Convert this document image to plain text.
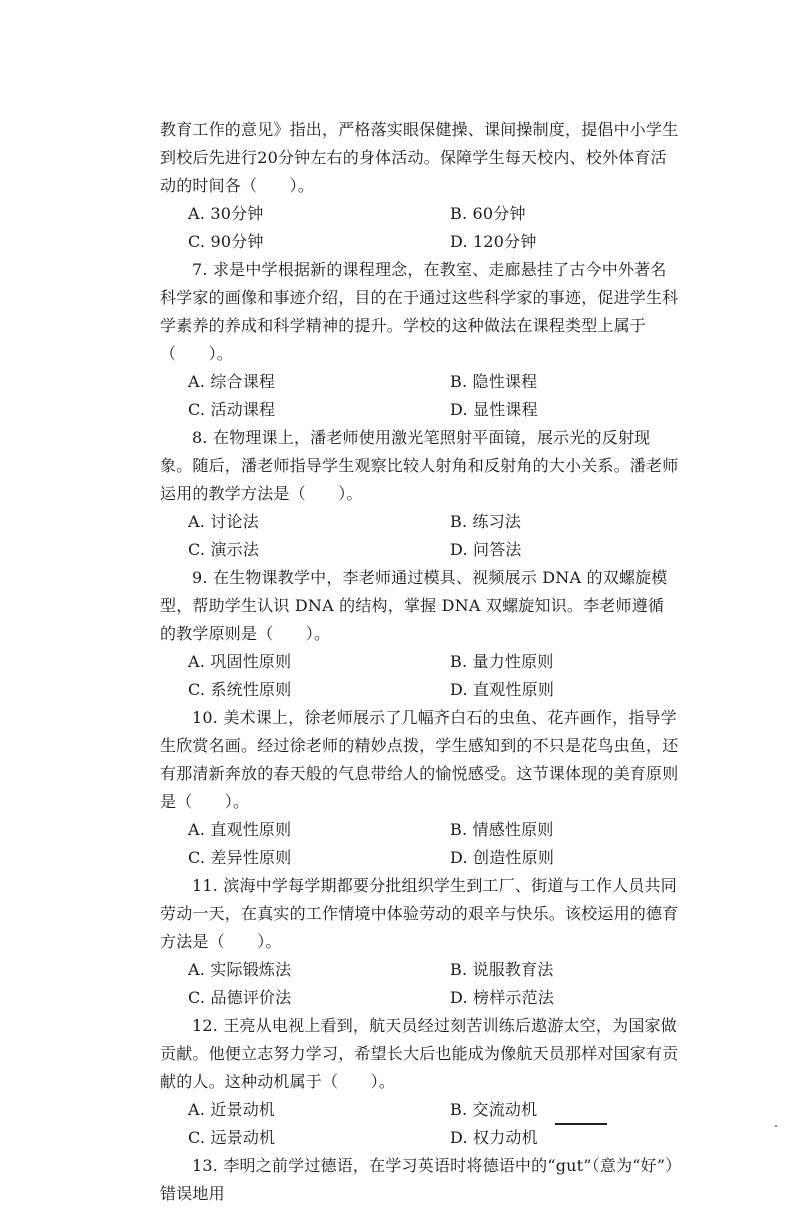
教育工作的意见》指出，严格落实眼保健操、课间操制度，提倡中小学生到校后先进行20分钟左右的身体活动。保障学生每天校内、校外体育活动的时间各（　　）。

A. 30分钟	B. 60分钟
C. 90分钟	D. 120分钟

7. 求是中学根据新的课程理念，在教室、走廊悬挂了古今中外著名科学家的画像和事迹介绍，目的在于通过这些科学家的事迹，促进学生科学素养的养成和科学精神的提升。学校的这种做法在课程类型上属于（　　）。

A. 综合课程	B. 隐性课程
C. 活动课程	D. 显性课程

8. 在物理课上，潘老师使用激光笔照射平面镜，展示光的反射现象。随后，潘老师指导学生观察比较人射角和反射角的大小关系。潘老师运用的教学方法是（　　）。

A. 讨论法	B. 练习法
C. 演示法	D. 问答法

9. 在生物课教学中，李老师通过模具、视频展示 DNA 的双螺旋模型，帮助学生认识 DNA 的结构，掌握 DNA 双螺旋知识。李老师遵循的教学原则是（　　）。

A. 巩固性原则	B. 量力性原则
C. 系统性原则	D. 直观性原则

10. 美术课上，徐老师展示了几幅齐白石的虫鱼、花卉画作，指导学生欣赏名画。经过徐老师的精妙点拨，学生感知到的不只是花鸟虫鱼，还有那清新奔放的春天般的气息带给人的愉悦感受。这节课体现的美育原则是（　　）。

A. 直观性原则	B. 情感性原则
C. 差异性原则	D. 创造性原则

11. 滨海中学每学期都要分批组织学生到工厂、街道与工作人员共同劳动一天，在真实的工作情境中体验劳动的艰辛与快乐。该校运用的德育方法是（　　）。

A. 实际锻炼法	B. 说服教育法
C. 品德评价法	D. 榜样示范法

12. 王亮从电视上看到，航天员经过刻苦训练后遨游太空，为国家做贡献。他便立志努力学习，希望长大后也能成为像航天员那样对国家有贡献的人。这种动机属于（　　）。

A. 近景动机	B. 交流动机
C. 远景动机	D. 权力动机

13. 李明之前学过德语，在学习英语时将德语中的“gut”（意为“好”）错误地用
